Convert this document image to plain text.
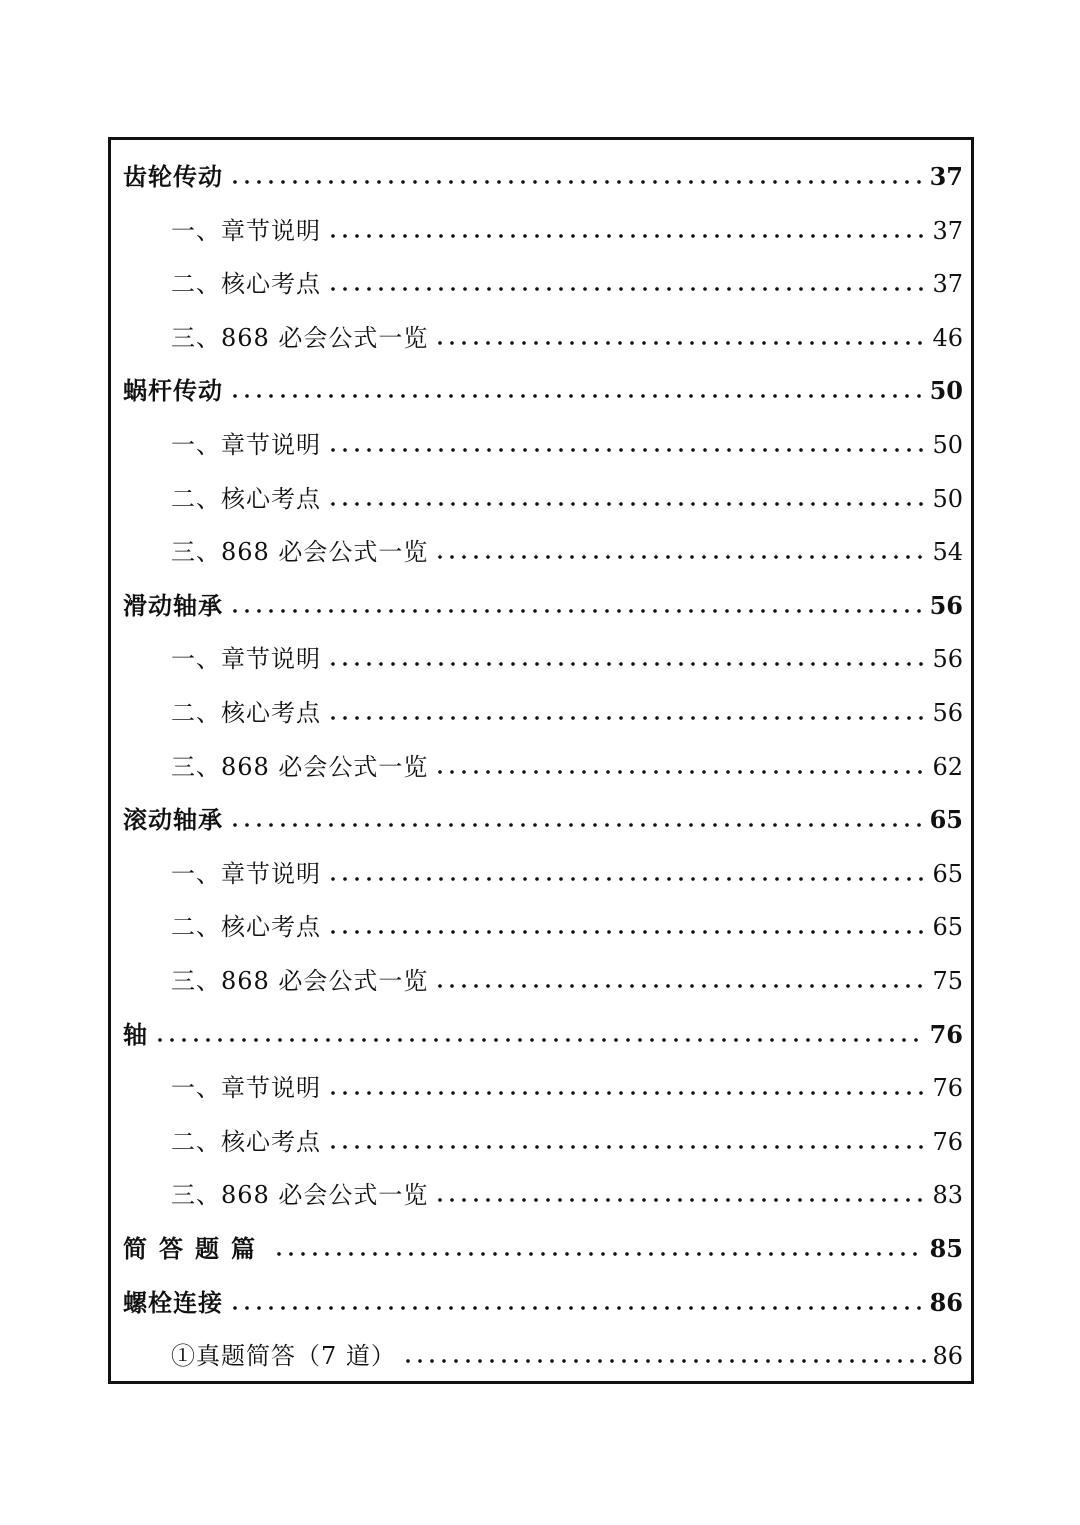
齿轮传动	37
一、章节说明	37
二、核心考点	37
三、868 必会公式一览	46
蜗杆传动	50
一、章节说明	50
二、核心考点	50
三、868 必会公式一览	54
滑动轴承	56
一、章节说明	56
二、核心考点	56
三、868 必会公式一览	62
滚动轴承	65
一、章节说明	65
二、核心考点	65
三、868 必会公式一览	75
轴	76
一、章节说明	76
二、核心考点	76
三、868 必会公式一览	83
简答题篇	85
螺栓连接	86
①真题简答（7 道）	86
